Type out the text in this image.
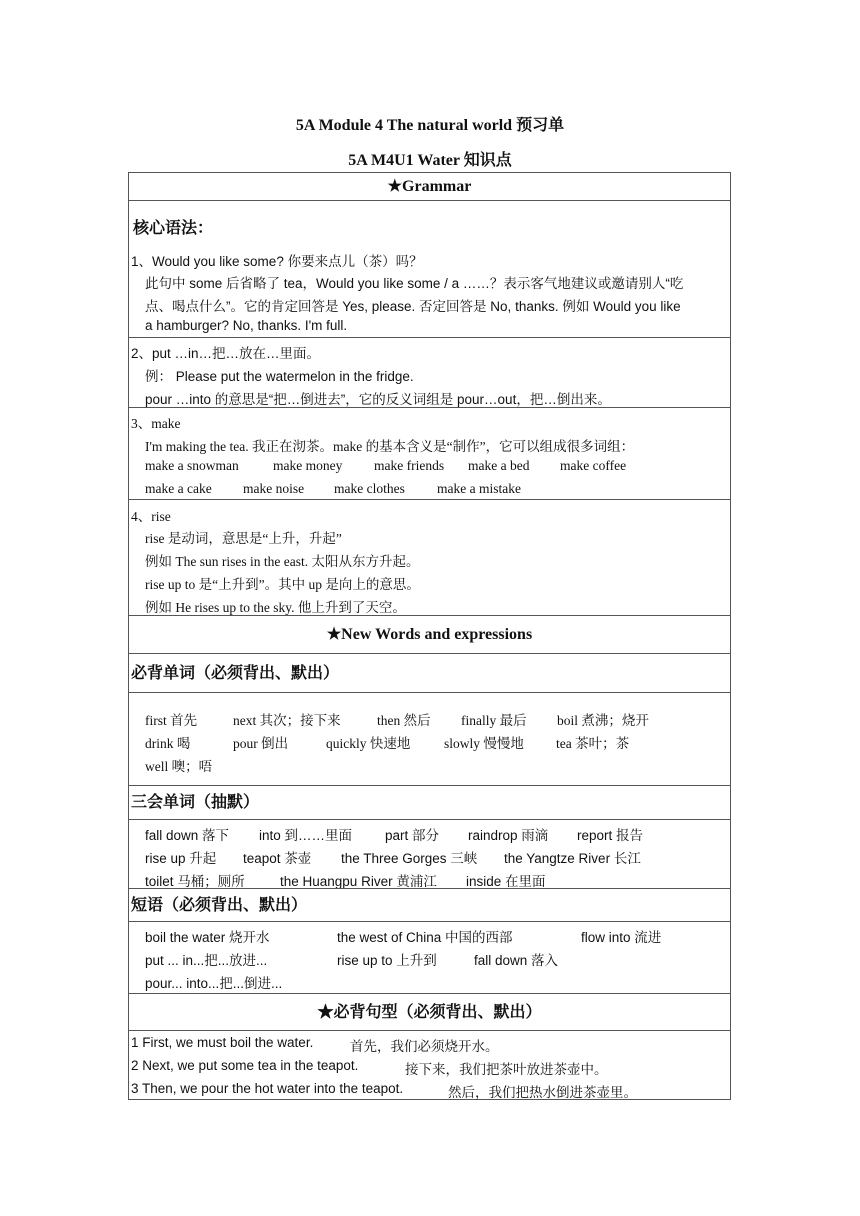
5A Module 4 The natural world 预习单
5A M4U1 Water 知识点
★Grammar
核心语法：
1、Would you like some? 你要来点儿（茶）吗？
此句中 some 后省略了 tea，Would you like some / a ……？表示客气地建议或邀请别人“吃
点、喝点什么”。它的肯定回答是 Yes, please. 否定回答是 No, thanks. 例如 Would you like
a hamburger? No, thanks. I'm full.
2、put …in…把…放在…里面。
例： Please put the watermelon in the fridge.
pour …into 的意思是“把…倒进去”，它的反义词组是 pour…out，把…倒出来。
3、make
I'm making the tea. 我正在沏茶。make 的基本含义是“制作”，它可以组成很多词组：
make a snowman	make money make friends make a bed make coffee
make a cake make noise make clothes make a mistake
4、rise
rise 是动词，意思是“上升，升起”
例如 The sun rises in the east. 太阳从东方升起。
rise up to 是“上升到”。其中 up 是向上的意思。
例如 He rises up to the sky. 他上升到了天空。
★New Words and expressions
必背单词（必须背出、默出）
first 首先	next 其次；接下来	then 然后 finally 最后 boil 煮沸；烧开
drink 喝	pour 倒出	quickly 快速地 slowly 慢慢地 tea 茶叶；茶
well 噢；唔
三会单词（抽默）
fall down 落下 into 到……里面 part 部分 raindrop 雨滴 report 报告
rise up 升起 teapot 茶壶 the Three Gorges 三峡 the Yangtze River 长江
toilet 马桶；厕所	the Huangpu River 黄浦江 inside 在里面
短语（必须背出、默出）
boil the water 烧开水	the west of China 中国的西部	flow into 流进
put ... in...把...放进...	rise up to 上升到	fall down 落入
pour... into...把...倒进...
★必背句型（必须背出、默出）
1 First, we must boil the water.	首先，我们必须烧开水。
2 Next, we put some tea in the teapot.	接下来，我们把茶叶放进茶壶中。
3 Then, we pour the hot water into the teapot.	然后，我们把热水倒进茶壶里。
